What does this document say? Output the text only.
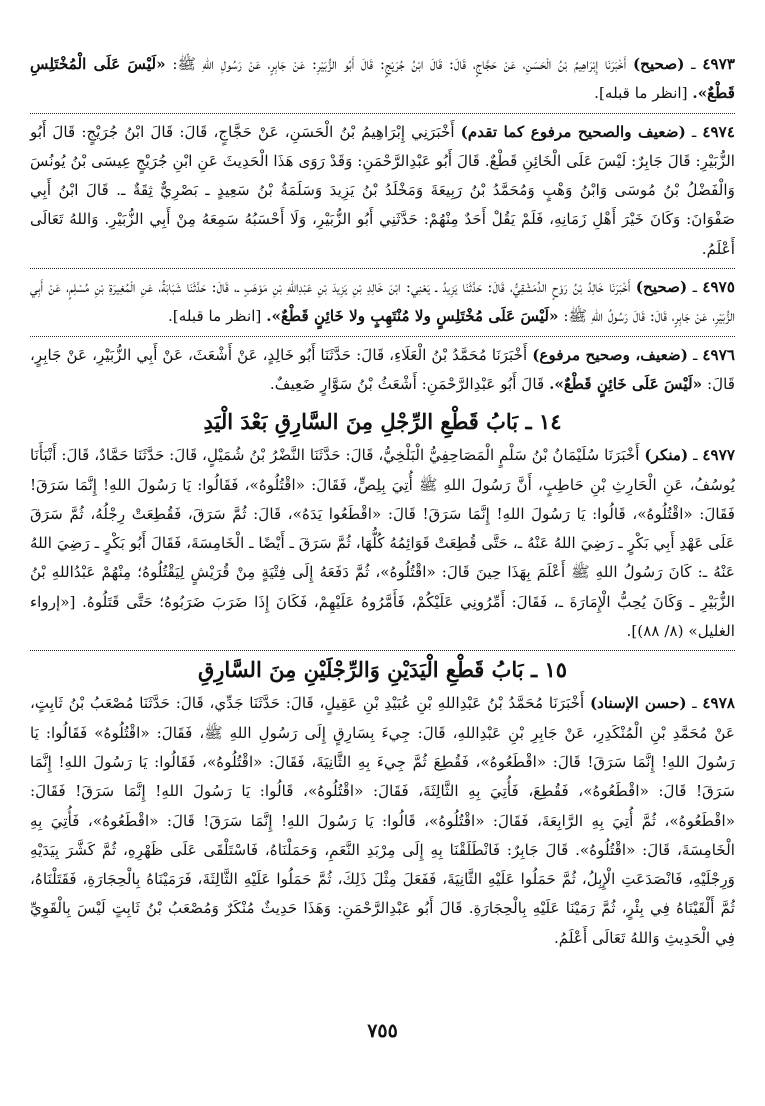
٤٩٧٣ ـ (صحيح) أَخْبَرَنَا إِبْرَاهِيمُ بْنُ الْحَسَنِ، عَنْ حَجَّاجٍ، قَالَ: قَالَ ابْنُ جُرَيْجٍ: قَالَ أَبُو الزُّبَيْرِ: عَنْ جَابِرٍ، عَنْ رَسُولِ اللهِ ﷺ: «لَيْسَ عَلَى الْمُخْتَلِسِ قَطْعٌ». [انظر ما قبله].

٤٩٧٤ ـ (ضعيف والصحيح مرفوع كما تقدم) أَخْبَرَنِي إِبْرَاهِيمُ بْنُ الْحَسَنِ، عَنْ حَجَّاجٍ، قَالَ: قَالَ ابْنُ جُرَيْجٍ: قَالَ أَبُو الزُّبَيْرِ: قَالَ جَابِرٌ: لَيْسَ عَلَى الْخَائِنِ قَطْعٌ. قَالَ أَبُو عَبْدِالرَّحْمَنِ: وَقَدْ رَوَى هَذَا الْحَدِيثَ عَنِ ابْنِ جُرَيْجٍ عِيسَى بْنُ يُونُسَ وَالْفَضْلُ بْنُ مُوسَى وَابْنُ وَهْبٍ وَمُحَمَّدُ بْنُ رَبِيعَةَ وَمَخْلَدُ بْنُ يَزِيدَ وَسَلَمَةُ بْنُ سَعِيدٍ ـ بَصْرِيٌّ ثِقَةٌ ـ. قَالَ ابْنُ أَبِي صَفْوَانَ: وَكَانَ خَيْرَ أَهْلِ زَمَانِهِ، فَلَمْ يَقُلْ أَحَدٌ مِنْهُمْ: حَدَّثَنِي أَبُو الزُّبَيْرِ، وَلَا أَحْسَبُهُ سَمِعَهُ مِنْ أَبِي الزُّبَيْرِ. وَاللهُ تَعَالَى أَعْلَمُ.

٤٩٧٥ ـ (صحيح) أَخْبَرَنَا خَالِدُ بْنُ رَوْحٍ الدِّمَشْقِيُّ، قَالَ: حَدَّثَنَا يَزِيدُ ـ يَعْنِي: ابْنَ خَالِدِ بْنِ يَزِيدَ بْنِ عَبْدِاللهِ بْنِ مَوْهَبٍ ـ، قَالَ: حَدَّثَنَا شَبَابَةُ، عَنِ الْمُغِيرَةِ بْنِ مُسْلِمٍ، عَنْ أَبِي الزُّبَيْرِ، عَنْ جَابِرٍ، قَالَ: قَالَ رَسُولُ اللهِ ﷺ: «لَيْسَ عَلَى مُخْتَلِسٍ ولا مُنْتَهِبٍ ولا خَائِنٍ قَطْعٌ». [انظر ما قبله].

٤٩٧٦ ـ (ضعيف، وصحيح مرفوع) أَخْبَرَنَا مُحَمَّدُ بْنُ الْعَلَاءِ، قَالَ: حَدَّثَنَا أَبُو خَالِدٍ، عَنْ أَشْعَثَ، عَنْ أَبِي الزُّبَيْرِ، عَنْ جَابِرٍ، قَالَ: «لَيْسَ عَلَى خَائِنٍ قَطْعٌ». قَالَ أَبُو عَبْدِالرَّحْمَنِ: أَشْعَثُ بْنُ سَوَّارٍ ضَعِيفٌ.

١٤ ـ بَابُ قَطْعِ الرِّجْلِ مِنَ السَّارِقِ بَعْدَ الْيَدِ

٤٩٧٧ ـ (منكر) أَخْبَرَنَا سُلَيْمَانُ بْنُ سَلْمٍ الْمَصَاحِفِيُّ الْبَلْخِيُّ، قَالَ: حَدَّثَنَا النَّضْرُ بْنُ شُمَيْلٍ، قَالَ: حَدَّثَنَا حَمَّادٌ، قَالَ: أَنْبَأَنَا يُوسُفُ، عَنِ الْحَارِثِ بْنِ حَاطِبٍ، أَنَّ رَسُولَ اللهِ ﷺ أُتِيَ بِلِصٍّ، فَقَالَ: «اقْتُلُوهُ»، فَقَالُوا: يَا رَسُولَ اللهِ! إِنَّمَا سَرَقَ! فَقَالَ: «اقْتُلُوهُ»، قَالُوا: يَا رَسُولَ اللهِ! إِنَّمَا سَرَقَ! قَالَ: «اقْطَعُوا يَدَهُ»، قَالَ: ثُمَّ سَرَقَ، فَقُطِعَتْ رِجْلُهُ، ثُمَّ سَرَقَ عَلَى عَهْدِ أَبِي بَكْرٍ ـ رَضِيَ اللهُ عَنْهُ ـ، حَتَّى قُطِعَتْ قَوَائِمُهُ كُلُّهَا، ثُمَّ سَرَقَ ـ أَيْضًا ـ الْخَامِسَةَ، فَقَالَ أَبُو بَكْرٍ ـ رَضِيَ اللهُ عَنْهُ ـ: كَانَ رَسُولُ اللهِ ﷺ أَعْلَمَ بِهَذَا حِينَ قَالَ: «اقْتُلُوهُ»، ثُمَّ دَفَعَهُ إِلَى فِتْيَةٍ مِنْ قُرَيْشٍ لِيَقْتُلُوهُ؛ مِنْهُمْ عَبْدُاللهِ بْنُ الزُّبَيْرِ ـ وَكَانَ يُحِبُّ الْإِمَارَةَ ـ، فَقَالَ: أَمِّرُونِي عَلَيْكُمْ، فَأَمَّرُوهُ عَلَيْهِمْ، فَكَانَ إِذَا ضَرَبَ ضَرَبُوهُ؛ حَتَّى قَتَلُوهُ. [«إرواء الغليل» (٨/ ٨٨)].

١٥ ـ بَابُ قَطْعِ الْيَدَيْنِ وَالرِّجْلَيْنِ مِنَ السَّارِقِ

٤٩٧٨ ـ (حسن الإسناد) أَخْبَرَنَا مُحَمَّدُ بْنُ عَبْدِاللهِ بْنِ عُبَيْدِ بْنِ عَقِيلٍ، قَالَ: حَدَّثَنَا جَدِّي، قَالَ: حَدَّثَنَا مُصْعَبُ بْنُ ثَابِتٍ، عَنْ مُحَمَّدِ بْنِ الْمُنْكَدِرِ، عَنْ جَابِرِ بْنِ عَبْدِاللهِ، قَالَ: جِيءَ بِسَارِقٍ إِلَى رَسُولِ اللهِ ﷺ، فَقَالَ: «اقْتُلُوهُ» فَقَالُوا: يَا رَسُولَ اللهِ! إِنَّمَا سَرَقَ! قَالَ: «اقْطَعُوهُ»، فَقُطِعَ ثُمَّ جِيءَ بِهِ الثَّانِيَةَ، فَقَالَ: «اقْتُلُوهُ»، فَقَالُوا: يَا رَسُولَ اللهِ! إِنَّمَا سَرَقَ! قَالَ: «اقْطَعُوهُ»، فَقُطِعَ، فَأُتِيَ بِهِ الثَّالِثَةَ، فَقَالَ: «اقْتُلُوهُ»، قَالُوا: يَا رَسُولَ اللهِ! إِنَّمَا سَرَقَ! فَقَالَ: «اقْطَعُوهُ»، ثُمَّ أُتِيَ بِهِ الرَّابِعَةَ، فَقَالَ: «اقْتُلُوهُ»، قَالُوا: يَا رَسُولَ اللهِ! إِنَّمَا سَرَقَ! قَالَ: «اقْطَعُوهُ»، فَأُتِيَ بِهِ الْخَامِسَةَ، قَالَ: «اقْتُلُوهُ». قَالَ جَابِرٌ: فَانْطَلَقْنَا بِهِ إِلَى مِرْبَدِ النَّعَمِ، وَحَمَلْنَاهُ، فَاسْتَلْقَى عَلَى ظَهْرِهِ، ثُمَّ كَشَّرَ بِيَدَيْهِ وَرِجْلَيْهِ، فَانْصَدَعَتِ الْإِبِلُ، ثُمَّ حَمَلُوا عَلَيْهِ الثَّانِيَةَ، فَفَعَلَ مِثْلَ ذَلِكَ، ثُمَّ حَمَلُوا عَلَيْهِ الثَّالِثَةَ، فَرَمَيْنَاهُ بِالْحِجَارَةِ، فَقَتَلْنَاهُ، ثُمَّ أَلْقَيْنَاهُ فِي بِئْرٍ، ثُمَّ رَمَيْنَا عَلَيْهِ بِالْحِجَارَةِ. قَالَ أَبُو عَبْدِالرَّحْمَنِ: وَهَذَا حَدِيثٌ مُنْكَرٌ وَمُصْعَبُ بْنُ ثَابِتٍ لَيْسَ بِالْقَوِيِّ فِي الْحَدِيثِ وَاللهُ تَعَالَى أَعْلَمُ.

٧٥٥
